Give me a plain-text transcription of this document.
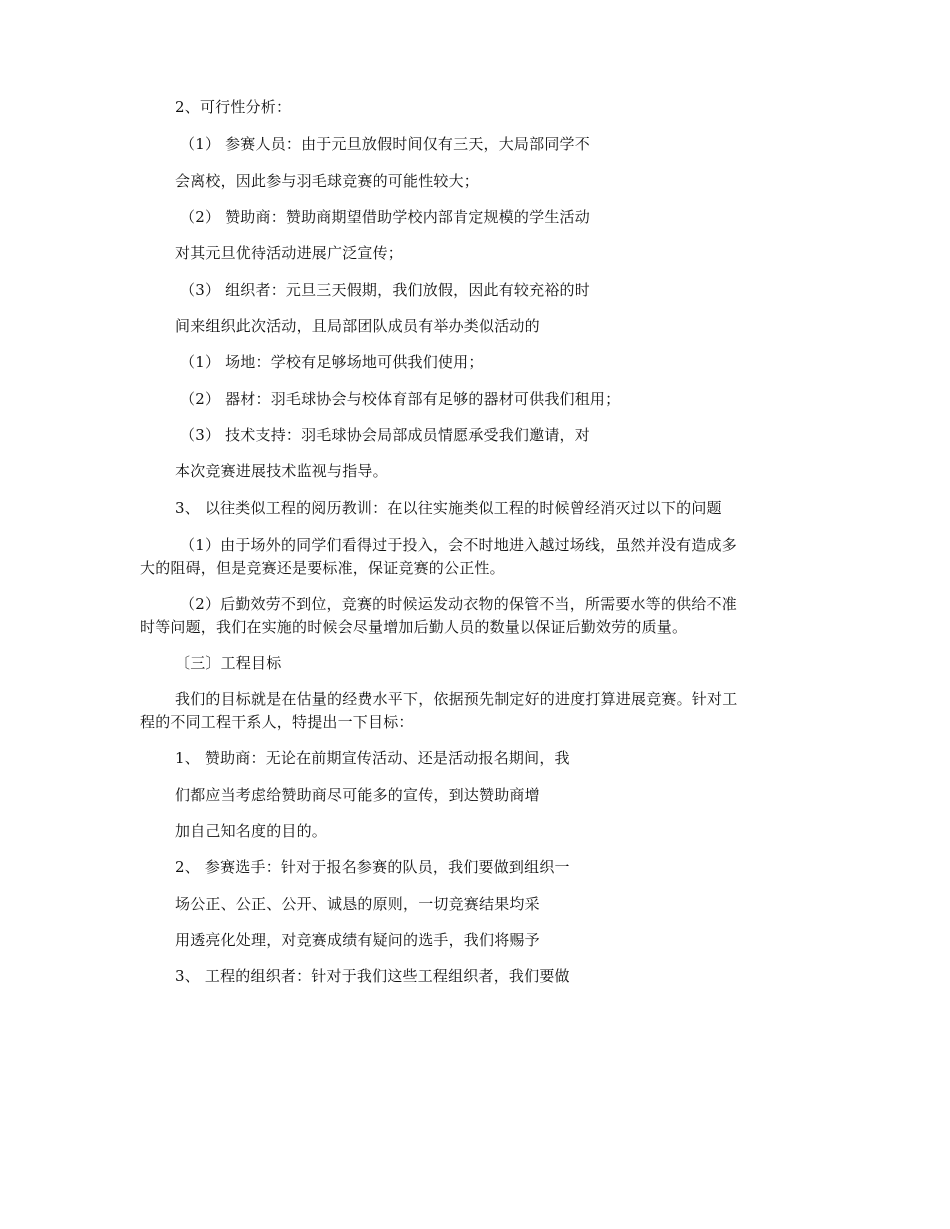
2、可行性分析：
（1） 参赛人员：由于元旦放假时间仅有三天，大局部同学不
会离校，因此参与羽毛球竞赛的可能性较大；
（2） 赞助商：赞助商期望借助学校内部肯定规模的学生活动
对其元旦优待活动进展广泛宣传；
（3） 组织者：元旦三天假期，我们放假，因此有较充裕的时
间来组织此次活动，且局部团队成员有举办类似活动的
（1） 场地：学校有足够场地可供我们使用；
（2） 器材：羽毛球协会与校体育部有足够的器材可供我们租用；
（3） 技术支持：羽毛球协会局部成员情愿承受我们邀请，对
本次竞赛进展技术监视与指导。
3、 以往类似工程的阅历教训：在以往实施类似工程的时候曾经消灭过以下的问题
（1）由于场外的同学们看得过于投入，会不时地进入越过场线，虽然并没有造成多
大的阻碍，但是竞赛还是要标准，保证竞赛的公正性。
（2）后勤效劳不到位，竞赛的时候运发动衣物的保管不当，所需要水等的供给不准
时等问题，我们在实施的时候会尽量增加后勤人员的数量以保证后勤效劳的质量。
〔三〕工程目标
我们的目标就是在估量的经费水平下，依据预先制定好的进度打算进展竞赛。针对工
程的不同工程干系人，特提出一下目标：
1、 赞助商：无论在前期宣传活动、还是活动报名期间，我
们都应当考虑给赞助商尽可能多的宣传，到达赞助商增
加自己知名度的目的。
2、 参赛选手：针对于报名参赛的队员，我们要做到组织一
场公正、公正、公开、诚恳的原则，一切竞赛结果均采
用透亮化处理，对竞赛成绩有疑问的选手，我们将赐予
3、 工程的组织者：针对于我们这些工程组织者，我们要做
